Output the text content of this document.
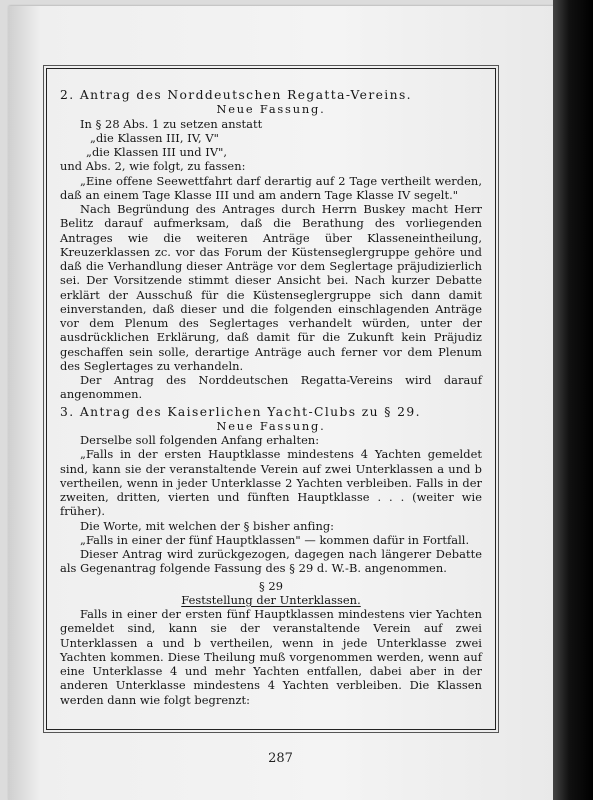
2. Antrag des Norddeutschen Regatta-Vereins.

Neue Fassung.

In § 28 Abs. 1 zu setzen anstatt

„die Klassen III, IV, V"

„die Klassen III und IV",

und Abs. 2, wie folgt, zu fassen:

„Eine offene Seewettfahrt darf derartig auf 2 Tage vertheilt werden, daß an einem Tage Klasse III und am andern Tage Klasse IV segelt."

Nach Begründung des Antrages durch Herrn Buskey macht Herr Belitz darauf aufmerksam, daß die Berathung des vorliegenden Antrages wie die weiteren Anträge über Klasseneintheilung, Kreuzerklassen zc. vor das Forum der Küstenseglergruppe gehöre und daß die Verhandlung dieser Anträge vor dem Seglertage präjudizierlich sei. Der Vorsitzende stimmt dieser Ansicht bei. Nach kurzer Debatte erklärt der Ausschuß für die Küstenseglergruppe sich dann damit einverstanden, daß dieser und die folgenden einschlagenden Anträge vor dem Plenum des Seglertages verhandelt würden, unter der ausdrücklichen Erklärung, daß damit für die Zukunft kein Präjudiz geschaffen sein solle, derartige Anträge auch ferner vor dem Plenum des Seglertages zu verhandeln.

Der Antrag des Norddeutschen Regatta-Vereins wird darauf angenommen.

3. Antrag des Kaiserlichen Yacht-Clubs zu § 29.

Neue Fassung.

Derselbe soll folgenden Anfang erhalten:

„Falls in der ersten Hauptklasse mindestens 4 Yachten gemeldet sind, kann sie der veranstaltende Verein auf zwei Unterklassen a und b vertheilen, wenn in jeder Unterklasse 2 Yachten verbleiben. Falls in der zweiten, dritten, vierten und fünften Hauptklasse . . . (weiter wie früher).

Die Worte, mit welchen der § bisher anfing:

„Falls in einer der fünf Hauptklassen" — kommen dafür in Fortfall.

Dieser Antrag wird zurückgezogen, dagegen nach längerer Debatte als Gegenantrag folgende Fassung des § 29 d. W.-B. angenommen.

§ 29

Feststellung der Unterklassen.

Falls in einer der ersten fünf Hauptklassen mindestens vier Yachten gemeldet sind, kann sie der veranstaltende Verein auf zwei Unterklassen a und b vertheilen, wenn in jede Unterklasse zwei Yachten kommen. Diese Theilung muß vorgenommen werden, wenn auf eine Unterklasse 4 und mehr Yachten entfallen, dabei aber in der anderen Unterklasse mindestens 4 Yachten verbleiben. Die Klassen werden dann wie folgt begrenzt:

287
